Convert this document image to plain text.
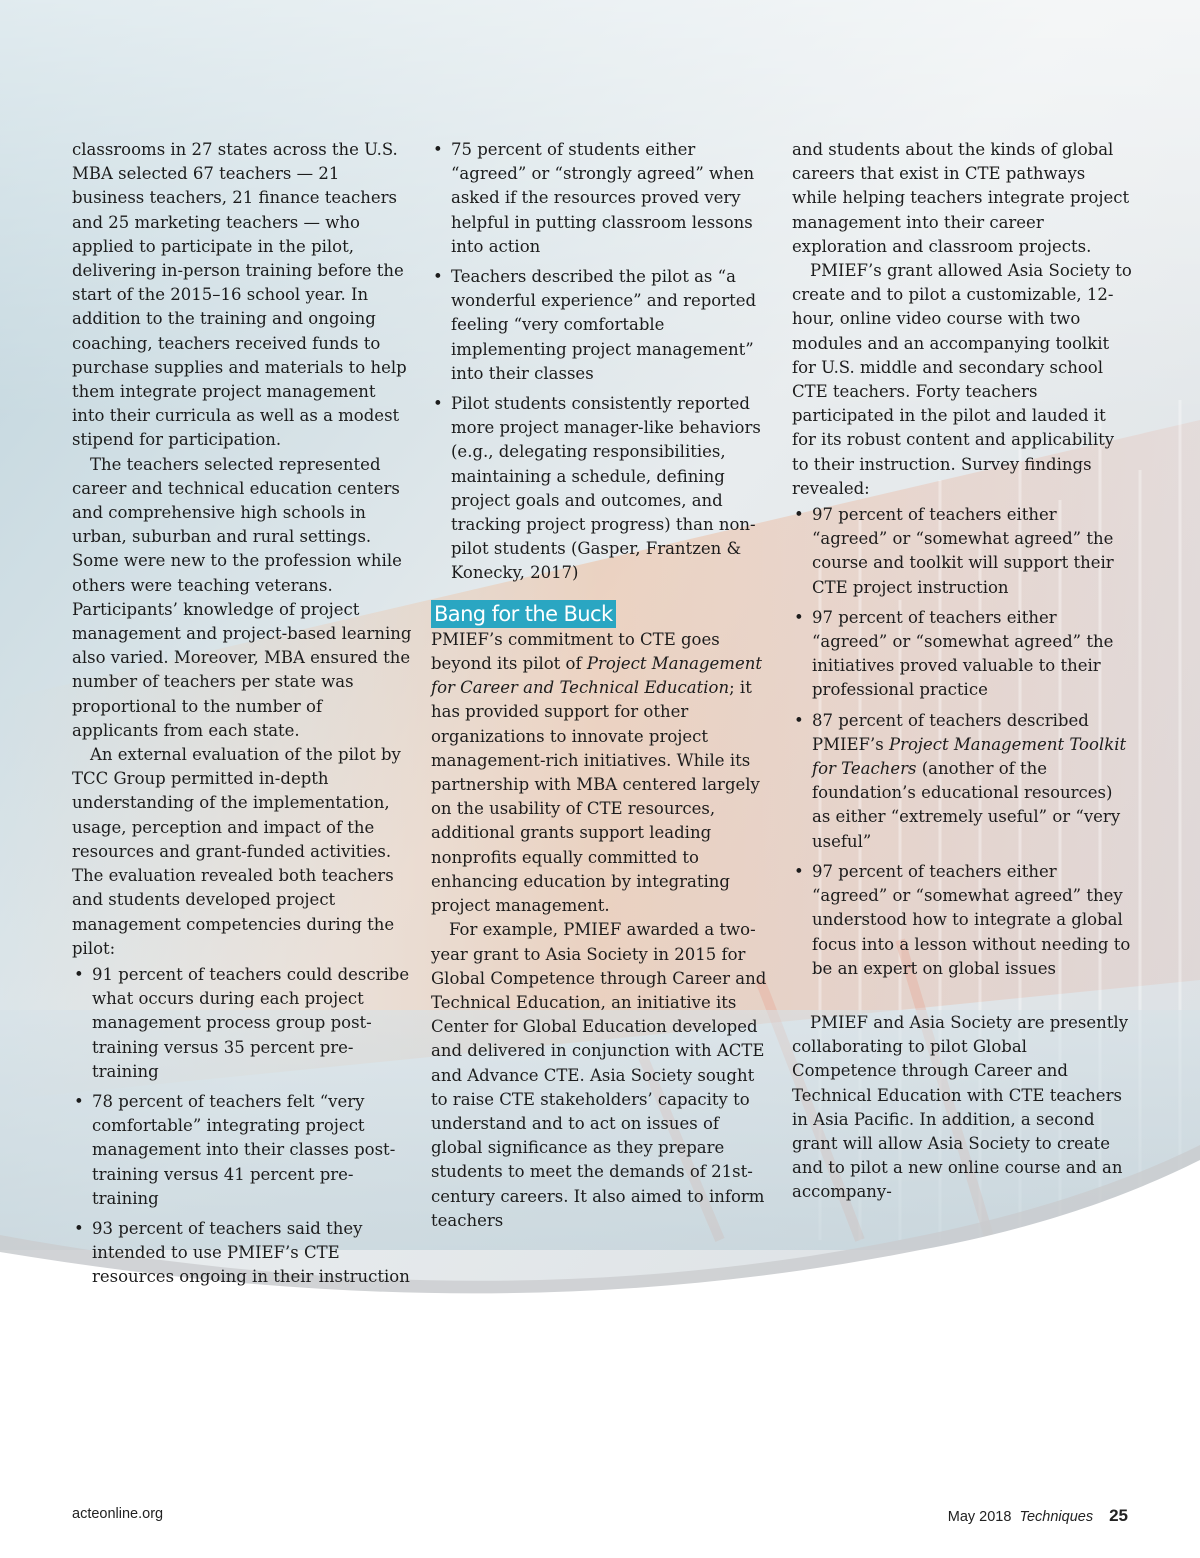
classrooms in 27 states across the U.S. MBA selected 67 teachers — 21 business teachers, 21 finance teachers and 25 marketing teachers — who applied to participate in the pilot, delivering in-person training before the start of the 2015–16 school year. In addition to the training and ongoing coaching, teachers received funds to purchase supplies and materials to help them integrate project management into their curricula as well as a modest stipend for participation.

The teachers selected represented career and technical education centers and comprehensive high schools in urban, suburban and rural settings. Some were new to the profession while others were teaching veterans. Participants’ knowledge of project management and project-based learning also varied. Moreover, MBA ensured the number of teachers per state was proportional to the number of applicants from each state.

An external evaluation of the pilot by TCC Group permitted in-depth understanding of the implementation, usage, perception and impact of the resources and grant-funded activities. The evaluation revealed both teachers and students developed project management competencies during the pilot:

• 91 percent of teachers could describe what occurs during each project management process group post-training versus 35 percent pre-training
• 78 percent of teachers felt “very comfortable” integrating project management into their classes post-training versus 41 percent pre-training
• 93 percent of teachers said they intended to use PMIEF’s CTE resources ongoing in their instruction
• 75 percent of students either “agreed” or “strongly agreed” when asked if the resources proved very helpful in putting classroom lessons into action
• Teachers described the pilot as “a wonderful experience” and reported feeling “very comfortable implementing project management” into their classes
• Pilot students consistently reported more project manager-like behaviors (e.g., delegating responsibilities, maintaining a schedule, defining project goals and outcomes, and tracking project progress) than non-pilot students (Gasper, Frantzen & Konecky, 2017)
Bang for the Buck

PMIEF’s commitment to CTE goes beyond its pilot of Project Management for Career and Technical Education; it has provided support for other organizations to innovate project management-rich initiatives. While its partnership with MBA centered largely on the usability of CTE resources, additional grants support leading nonprofits equally committed to enhancing education by integrating project management.

For example, PMIEF awarded a two-year grant to Asia Society in 2015 for Global Competence through Career and Technical Education, an initiative its Center for Global Education developed and delivered in conjunction with ACTE and Advance CTE. Asia Society sought to raise CTE stakeholders’ capacity to understand and to act on issues of global significance as they prepare students to meet the demands of 21st-century careers. It also aimed to inform teachers

and students about the kinds of global careers that exist in CTE pathways while helping teachers integrate project management into their career exploration and classroom projects.

PMIEF’s grant allowed Asia Society to create and to pilot a customizable, 12-hour, online video course with two modules and an accompanying toolkit for U.S. middle and secondary school CTE teachers. Forty teachers participated in the pilot and lauded it for its robust content and applicability to their instruction. Survey findings revealed:

• 97 percent of teachers either “agreed” or “somewhat agreed” the course and toolkit will support their CTE project instruction
• 97 percent of teachers either “agreed” or “somewhat agreed” the initiatives proved valuable to their professional practice
• 87 percent of teachers described PMIEF’s Project Management Toolkit for Teachers (another of the foundation’s educational resources) as either “extremely useful” or “very useful”
• 97 percent of teachers either “agreed” or “somewhat agreed” they understood how to integrate a global focus into a lesson without needing to be an expert on global issues

PMIEF and Asia Society are presently collaborating to pilot Global Competence through Career and Technical Education with CTE teachers in Asia Pacific. In addition, a second grant will allow Asia Society to create and to pilot a new online course and an accompany-

acteonline.org	May 2018 Techniques 25
